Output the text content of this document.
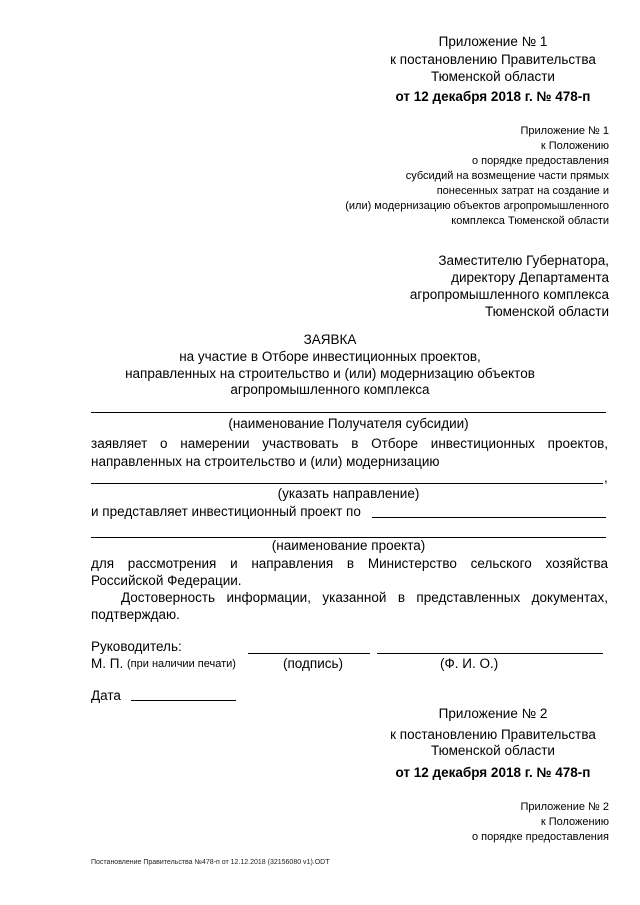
Приложение № 1
к постановлению Правительства
Тюменской области
от 12 декабря 2018 г. № 478-п
Приложение № 1
к Положению
о порядке предоставления
субсидий на возмещение части прямых
понесенных затрат на создание и
(или) модернизацию объектов агропромышленного
комплекса Тюменской области
Заместителю Губернатора,
директору Департамента
агропромышленного комплекса
Тюменской области
ЗАЯВКА
на участие в Отборе инвестиционных проектов,
направленных на строительство и (или) модернизацию объектов
агропромышленного комплекса
(наименование Получателя субсидии)
заявляет о намерении участвовать в Отборе инвестиционных проектов,
направленных на строительство и (или) модернизацию
,
(указать направление)
и представляет инвестиционный проект по
(наименование проекта)
для рассмотрения и направления в Министерство сельского хозяйства
Российской Федерации.
Достоверность информации, указанной в представленных документах,
подтверждаю.
Руководитель:
М. П. (при наличии печати)	(подпись)	(Ф. И. О.)
Дата
Приложение № 2
к постановлению Правительства
Тюменской области
от 12 декабря 2018 г. № 478-п
Приложение № 2
к Положению
о порядке предоставления
Постановление Правительства №478-п от 12.12.2018 (32156080 v1).ODT
